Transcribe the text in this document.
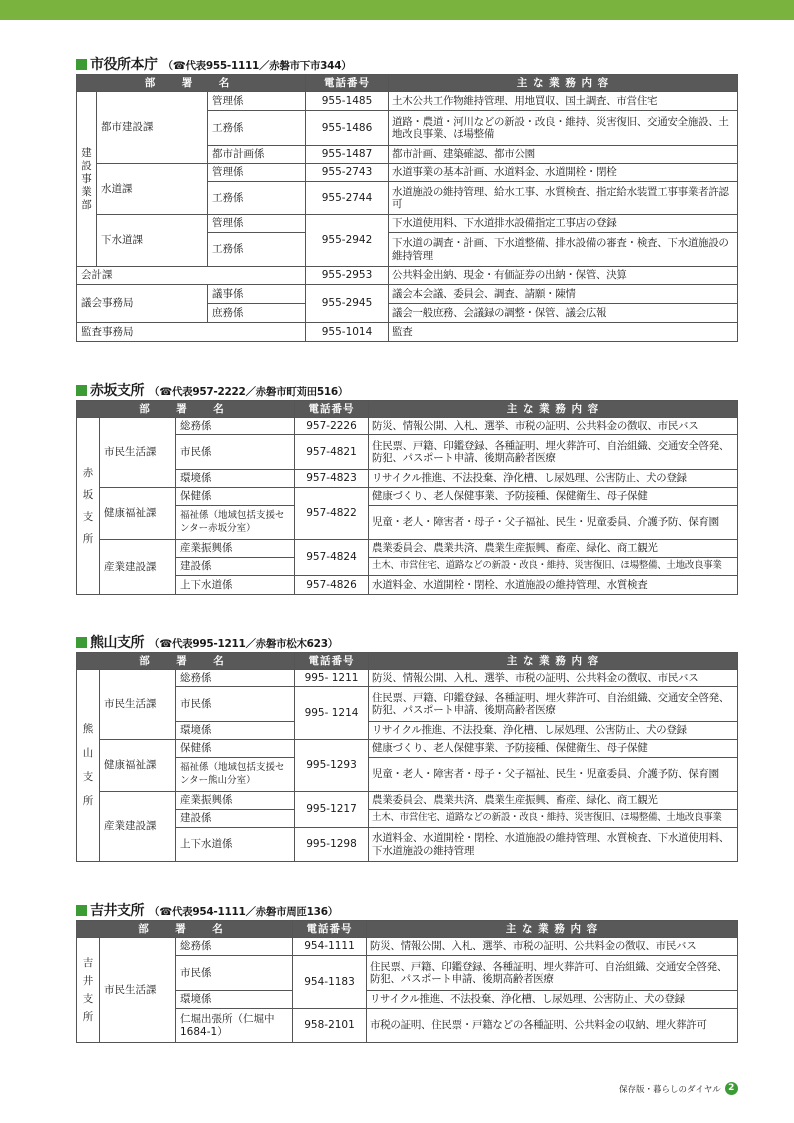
市役所本庁 （☎代表955-1111／赤磐市下市344）
部　署　名			電話番号	主 な 業 務 内 容

建
設
事
業
部	都市建設課	管理係	955-1485	土木公共工作物維持管理、用地買収、国土調査、市営住宅
		工務係	955-1486	道路・農道・河川などの新設・改良・維持、災害復旧、交通安全施設、土地改良事業、ほ場整備
		都市計画係	955-1487	都市計画、建築確認、都市公園
	水道課	管理係	955-2743	水道事業の基本計画、水道料金、水道開栓・閉栓
		工務係	955-2744	水道施設の維持管理、給水工事、水質検査、指定給水装置工事事業者許認可
	下水道課	管理係	955-2942	下水道使用料、下水道排水設備指定工事店の登録
		工務係		下水道の調査・計画、下水道整備、排水設備の審査・検査、下水道施設の維持管理
会計課			955-2953	公共料金出納、現金・有価証券の出納・保管、決算
議会事務局		議事係	955-2945	議会本会議、委員会、調査、請願・陳情
		庶務係		議会一般庶務、会議録の調整・保管、議会広報
監査事務局			955-1014	監査
赤坂支所 （☎代表957-2222／赤磐市町苅田516）
部　署　名			電話番号	主 な 業 務 内 容

赤
坂
支
所	市民生活課	総務係	957-2226	防災、情報公開、入札、選挙、市税の証明、公共料金の徴収、市民バス
		市民係	957-4821	住民票、戸籍、印鑑登録、各種証明、埋火葬許可、自治組織、交通安全啓発、防犯、パスポート申請、後期高齢者医療
		環境係	957-4823	リサイクル推進、不法投棄、浄化槽、し尿処理、公害防止、犬の登録
	健康福祉課	保健係	957-4822	健康づくり、老人保健事業、予防接種、保健衛生、母子保健
		福祉係（地域包括支援センター赤坂分室）		児童・老人・障害者・母子・父子福祉、民生・児童委員、介護予防、保育園
	産業建設課	産業振興係	957-4824	農業委員会、農業共済、農業生産振興、畜産、緑化、商工観光
		建設係		土木、市営住宅、道路などの新設・改良・維持、災害復旧、ほ場整備、土地改良事業
		上下水道係	957-4826	水道料金、水道開栓・閉栓、水道施設の維持管理、水質検査
熊山支所 （☎代表995-1211／赤磐市松木623）
部　署　名			電話番号	主 な 業 務 内 容

熊
山
支
所	市民生活課	総務係	995- 1211	防災、情報公開、入札、選挙、市税の証明、公共料金の徴収、市民バス
		市民係	995- 1214	住民票、戸籍、印鑑登録、各種証明、埋火葬許可、自治組織、交通安全啓発、防犯、パスポート申請、後期高齢者医療
		環境係		リサイクル推進、不法投棄、浄化槽、し尿処理、公害防止、犬の登録
	健康福祉課	保健係	995-1293	健康づくり、老人保健事業、予防接種、保健衛生、母子保健
		福祉係（地域包括支援センター熊山分室）		児童・老人・障害者・母子・父子福祉、民生・児童委員、介護予防、保育園
	産業建設課	産業振興係	995-1217	農業委員会、農業共済、農業生産振興、畜産、緑化、商工観光
		建設係		土木、市営住宅、道路などの新設・改良・維持、災害復旧、ほ場整備、土地改良事業
		上下水道係	995-1298	水道料金、水道開栓・閉栓、水道施設の維持管理、水質検査、下水道使用料、下水道施設の維持管理
吉井支所 （☎代表954-1111／赤磐市周匝136）
部　署　名			電話番号	主 な 業 務 内 容

吉
井
支
所	市民生活課	総務係	954-1111	防災、情報公開、入札、選挙、市税の証明、公共料金の徴収、市民バス
		市民係	954-1183	住民票、戸籍、印鑑登録、各種証明、埋火葬許可、自治組織、交通安全啓発、防犯、パスポート申請、後期高齢者医療
		環境係		リサイクル推進、不法投棄、浄化槽、し尿処理、公害防止、犬の登録
		仁堀出張所（仁堀中1684-1）	958-2101	市税の証明、住民票・戸籍などの各種証明、公共料金の収納、埋火葬許可
保存版・暮らしのダイヤル 2
